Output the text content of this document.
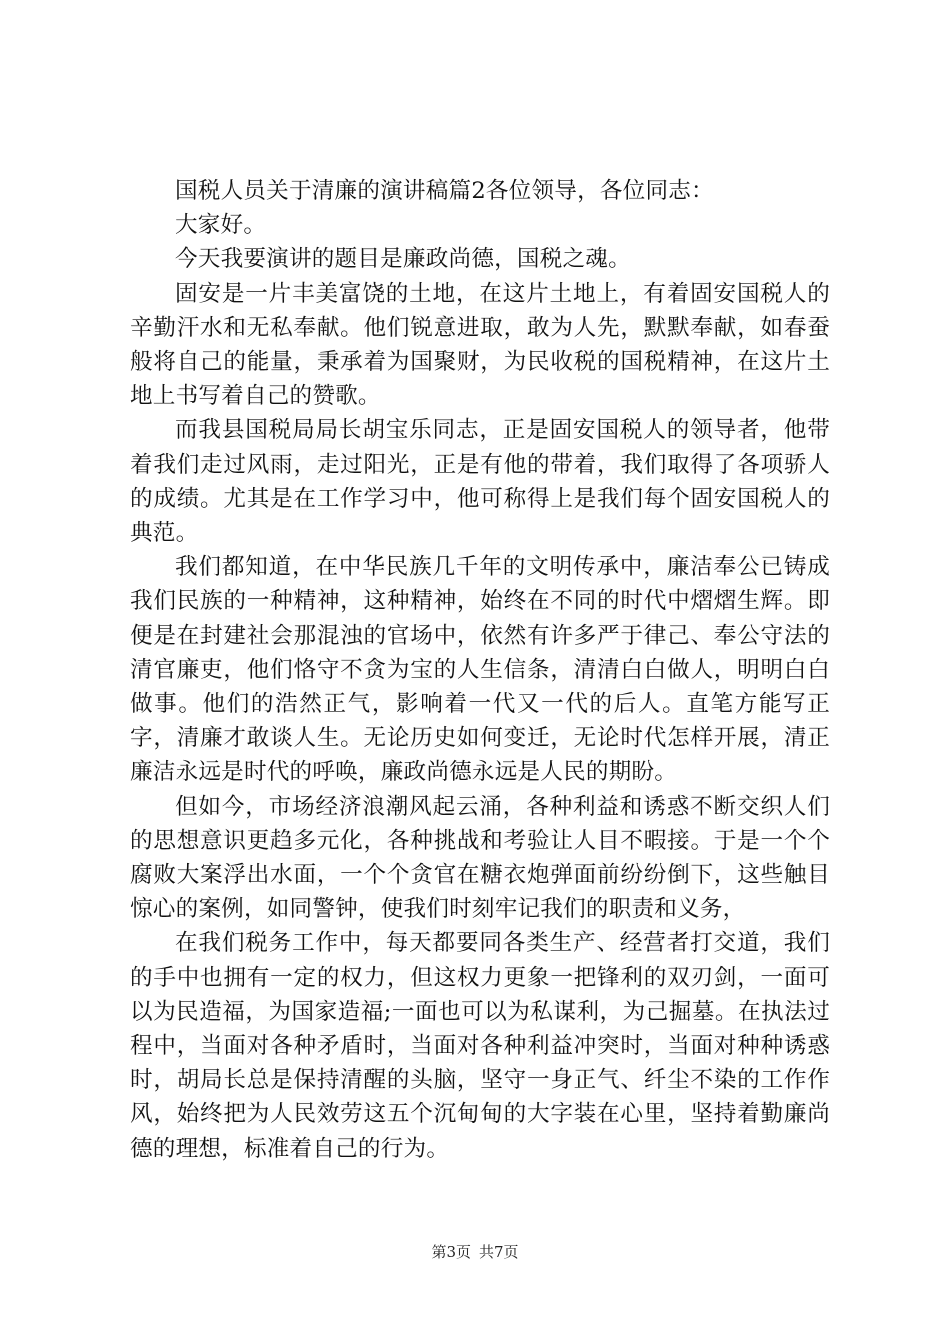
国税人员关于清廉的演讲稿篇2各位领导，各位同志：

大家好。

今天我要演讲的题目是廉政尚德，国税之魂。

固安是一片丰美富饶的土地，在这片土地上，有着固安国税人的辛勤汗水和无私奉献。他们锐意进取，敢为人先，默默奉献，如春蚕般将自己的能量，秉承着为国聚财，为民收税的国税精神，在这片土地上书写着自己的赞歌。

而我县国税局局长胡宝乐同志，正是固安国税人的领导者，他带着我们走过风雨，走过阳光，正是有他的带着，我们取得了各项骄人的成绩。尤其是在工作学习中，他可称得上是我们每个固安国税人的典范。

我们都知道，在中华民族几千年的文明传承中，廉洁奉公已铸成我们民族的一种精神，这种精神，始终在不同的时代中熠熠生辉。即便是在封建社会那混浊的官场中，依然有许多严于律己、奉公守法的清官廉吏，他们恪守不贪为宝的人生信条，清清白白做人，明明白白做事。他们的浩然正气，影响着一代又一代的后人。直笔方能写正字，清廉才敢谈人生。无论历史如何变迁，无论时代怎样开展，清正廉洁永远是时代的呼唤，廉政尚德永远是人民的期盼。

但如今，市场经济浪潮风起云涌，各种利益和诱惑不断交织人们的思想意识更趋多元化，各种挑战和考验让人目不暇接。于是一个个腐败大案浮出水面，一个个贪官在糖衣炮弹面前纷纷倒下，这些触目惊心的案例，如同警钟，使我们时刻牢记我们的职责和义务，

在我们税务工作中，每天都要同各类生产、经营者打交道，我们的手中也拥有一定的权力，但这权力更象一把锋利的双刃剑，一面可以为民造福，为国家造福;一面也可以为私谋利，为己掘墓。在执法过程中，当面对各种矛盾时，当面对各种利益冲突时，当面对种种诱惑时，胡局长总是保持清醒的头脑，坚守一身正气、纤尘不染的工作作风，始终把为人民效劳这五个沉甸甸的大字装在心里，坚持着勤廉尚德的理想，标准着自己的行为。

第3页 共7页
